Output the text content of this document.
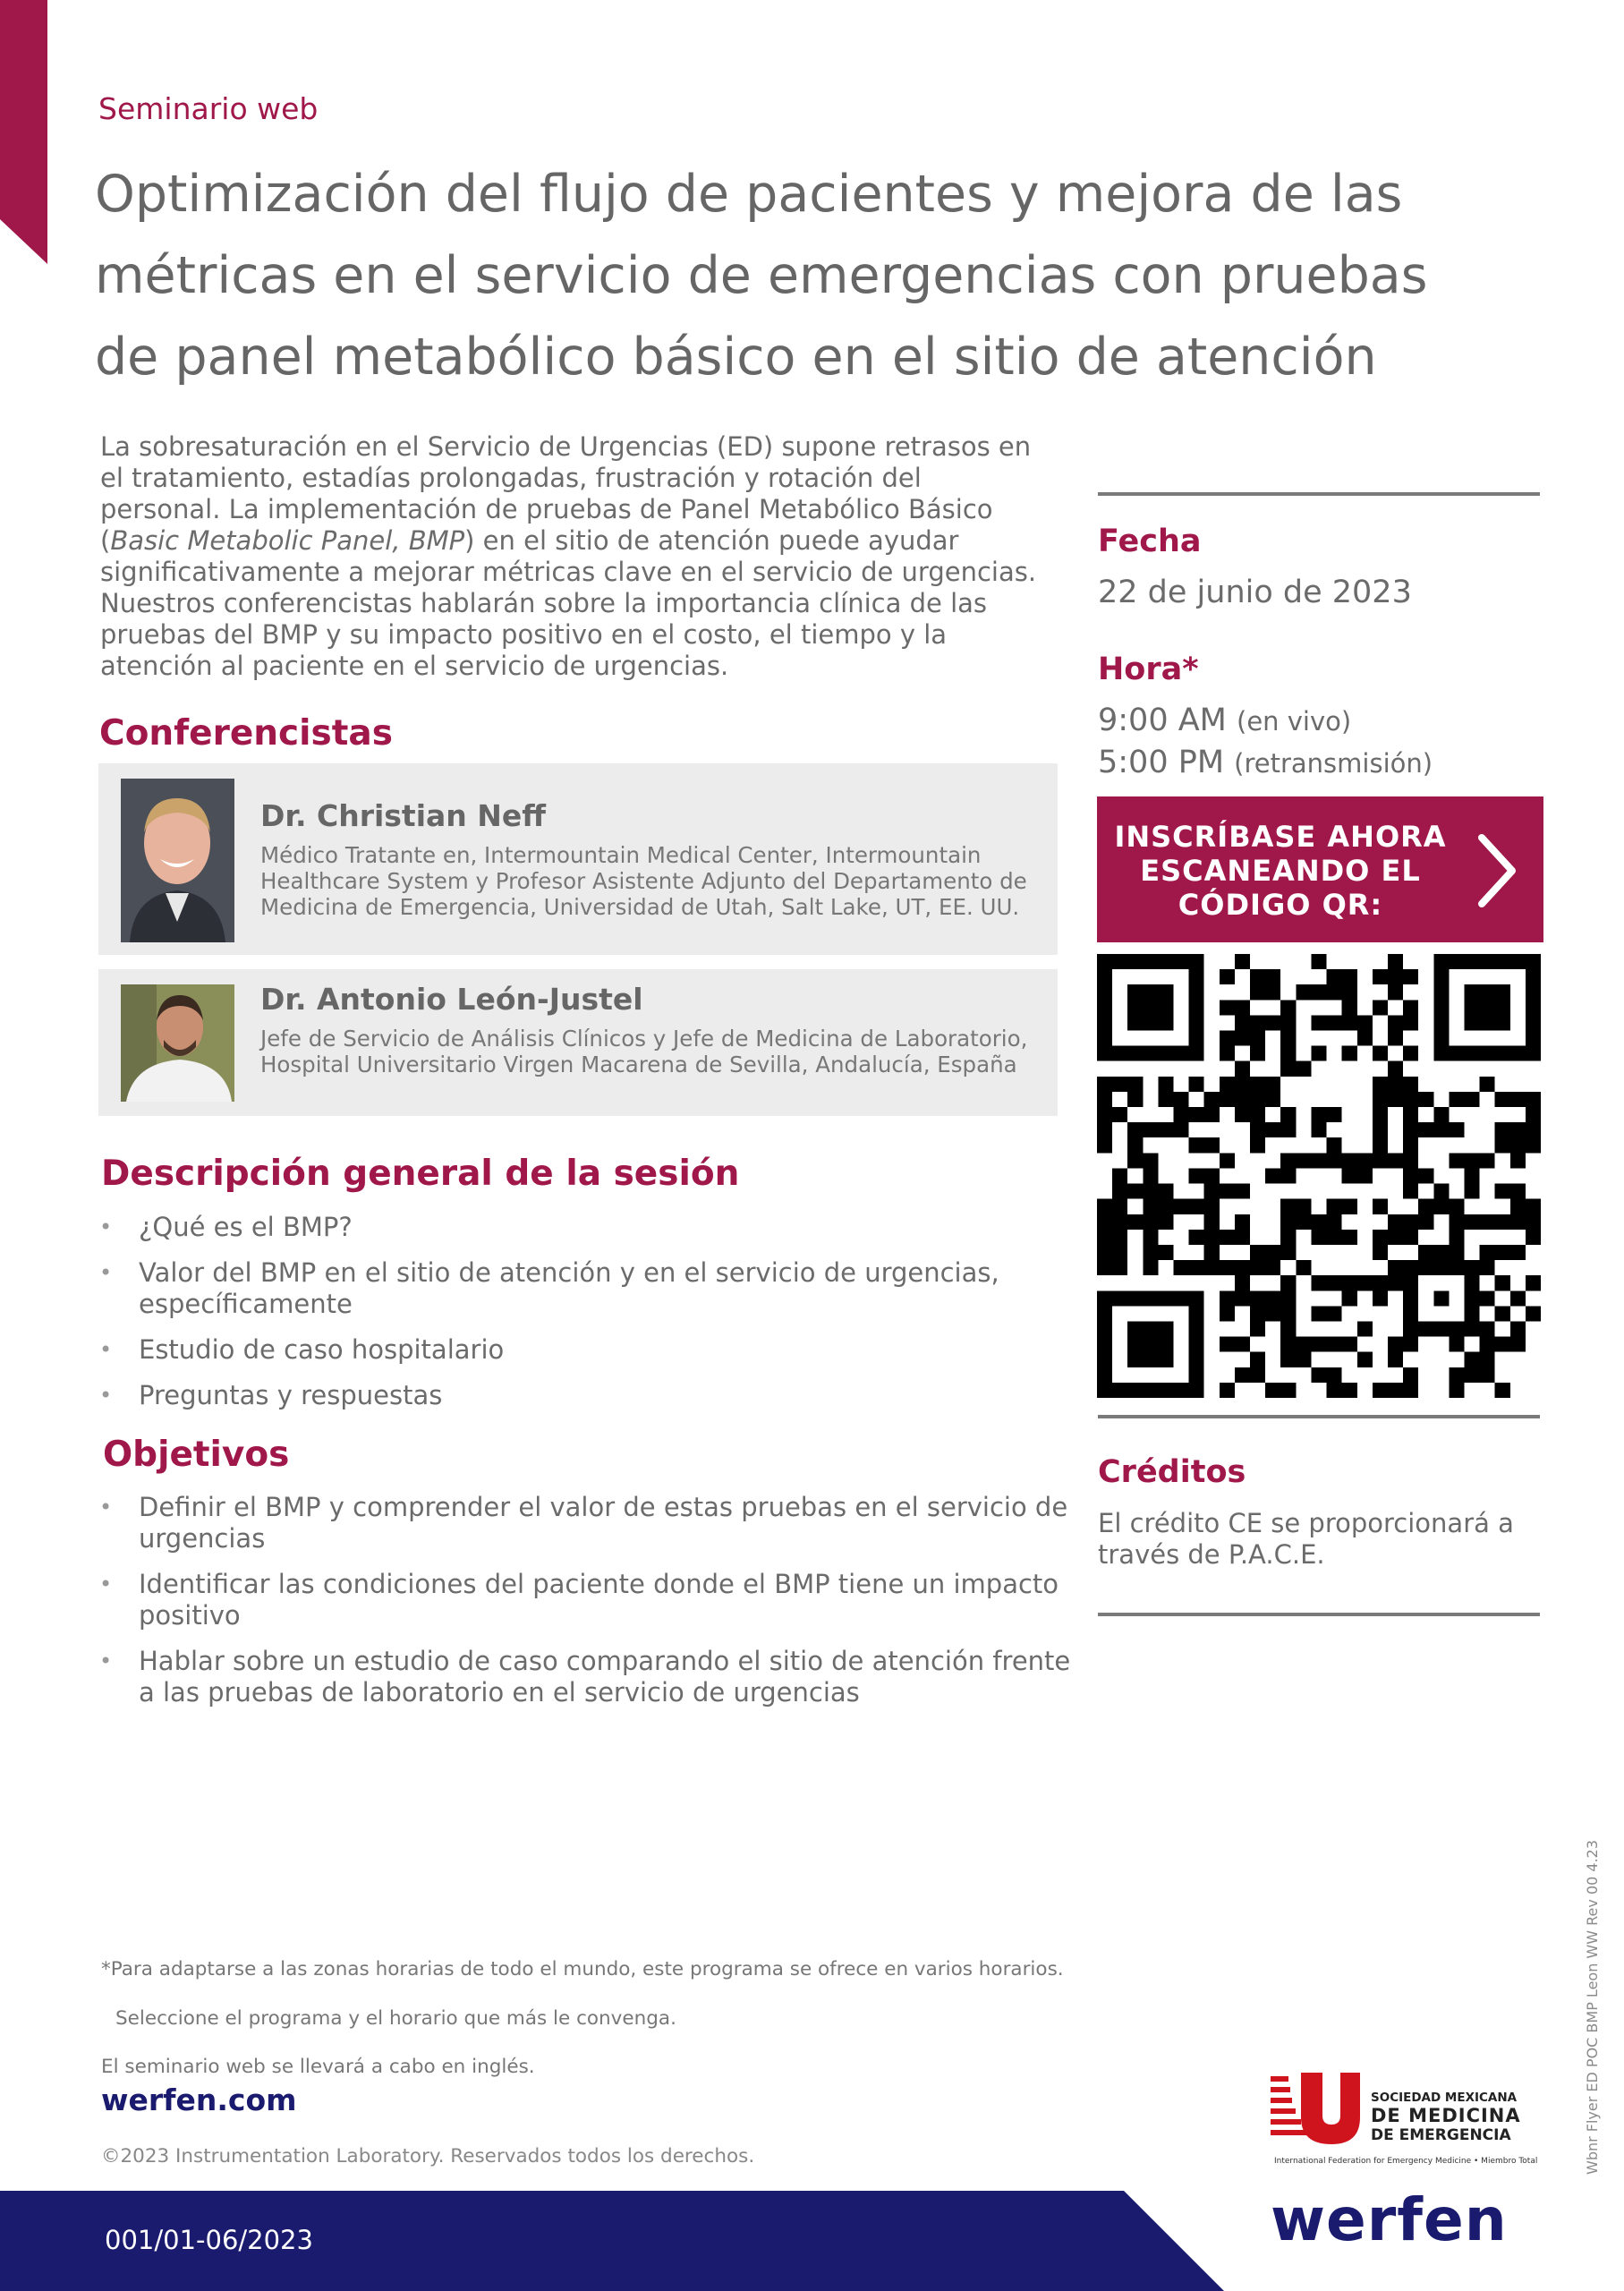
Seminario web
Optimización del flujo de pacientes y mejora de las métricas en el servicio de emergencias con pruebas de panel metabólico básico en el sitio de atención
La sobresaturación en el Servicio de Urgencias (ED) supone retrasos en el tratamiento, estadías prolongadas, frustración y rotación del personal. La implementación de pruebas de Panel Metabólico Básico (Basic Metabolic Panel, BMP) en el sitio de atención puede ayudar significativamente a mejorar métricas clave en el servicio de urgencias. Nuestros conferencistas hablarán sobre la importancia clínica de las pruebas del BMP y su impacto positivo en el costo, el tiempo y la atención al paciente en el servicio de urgencias.
Conferencistas
Dr. Christian Neff
Médico Tratante en, Intermountain Medical Center, Intermountain Healthcare System y Profesor Asistente Adjunto del Departamento de Medicina de Emergencia, Universidad de Utah, Salt Lake, UT, EE. UU.
Dr. Antonio León-Justel
Jefe de Servicio de Análisis Clínicos y Jefe de Medicina de Laboratorio, Hospital Universitario Virgen Macarena de Sevilla, Andalucía, España
Descripción general de la sesión
• ¿Qué es el BMP?
• Valor del BMP en el sitio de atención y en el servicio de urgencias, específicamente
• Estudio de caso hospitalario
• Preguntas y respuestas
Objetivos
• Definir el BMP y comprender el valor de estas pruebas en el servicio de urgencias
• Identificar las condiciones del paciente donde el BMP tiene un impacto positivo
• Hablar sobre un estudio de caso comparando el sitio de atención frente a las pruebas de laboratorio en el servicio de urgencias
Fecha
22 de junio de 2023
Hora*
9:00 AM (en vivo)
5:00 PM (retransmisión)
INSCRÍBASE AHORA ESCANEANDO EL CÓDIGO QR:
Créditos
El crédito CE se proporcionará a través de P.A.C.E.
*Para adaptarse a las zonas horarias de todo el mundo, este programa se ofrece en varios horarios.
Seleccione el programa y el horario que más le convenga.
El seminario web se llevará a cabo en inglés.
werfen.com
©2023 Instrumentation Laboratory. Reservados todos los derechos.
SOCIEDAD MEXICANA
DE MEDICINA
DE EMERGENCIA
International Federation for Emergency Medicine • Miembro Total	Wbnr Flyer ED POC BMP Leon WW Rev 00 4.23
001/01-06/2023	werfen
